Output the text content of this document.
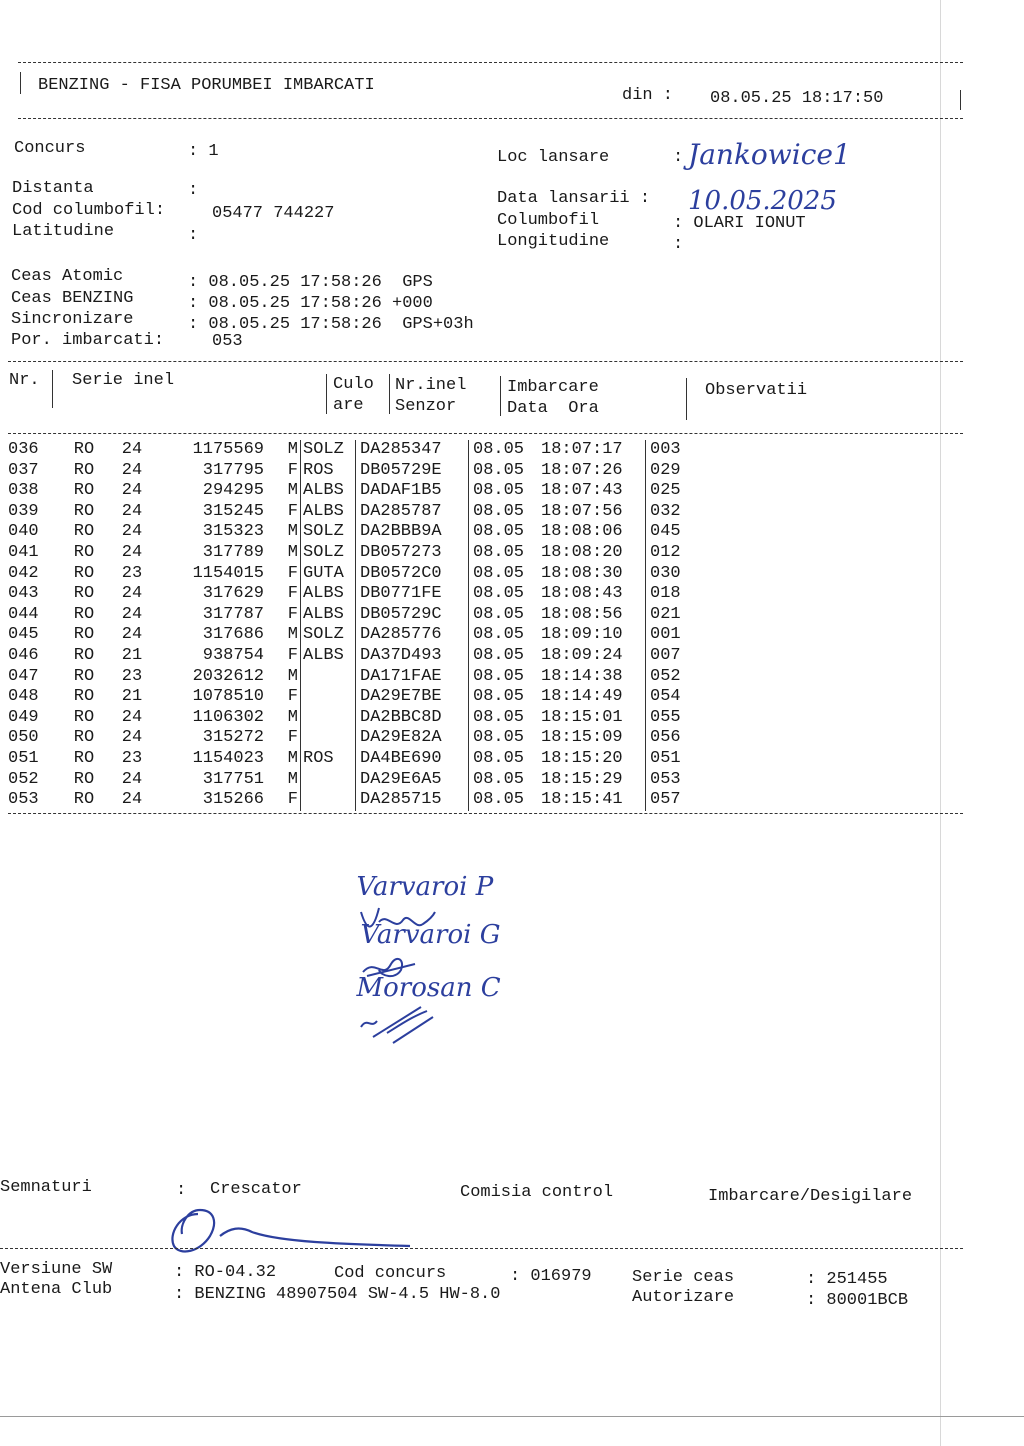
BENZING - FISA PORUMBEI IMBARCATI
din : 08.05.25 18:17:50
Concurs	: 1	Loc lansare	: Jankowice1
Distanta	:
Cod columbofil:	05477 744227
Latitudine	:
Data lansarii : 10.05.2025
Columbofil	: OLARI IONUT
Longitudine	:
Ceas Atomic	: 08.05.25 17:58:26  GPS
Ceas BENZING	: 08.05.25 17:58:26 +000
Sincronizare	: 08.05.25 17:58:26  GPS+03h
Por. imbarcati:	053
Nr. Serie inel	Culo
are
Nr.inel
Senzor
Imbarcare
Data  Ora
Observatii
036	RO	24	1175569	M	SOLZ	DA285347	08.05	18:07:17	003
037	RO	24	317795	F	ROS	DB05729E	08.05	18:07:26	029
038	RO	24	294295	M	ALBS	DADAF1B5	08.05	18:07:43	025
039	RO	24	315245	F	ALBS	DA285787	08.05	18:07:56	032
040	RO	24	315323	M	SOLZ	DA2BBB9A	08.05	18:08:06	045
041	RO	24	317789	M	SOLZ	DB057273	08.05	18:08:20	012
042	RO	23	1154015	F	GUTA	DB0572C0	08.05	18:08:30	030
043	RO	24	317629	F	ALBS	DB0771FE	08.05	18:08:43	018
044	RO	24	317787	F	ALBS	DB05729C	08.05	18:08:56	021
045	RO	24	317686	M	SOLZ	DA285776	08.05	18:09:10	001
046	RO	21	938754	F	ALBS	DA37D493	08.05	18:09:24	007
047	RO	23	2032612	M		DA171FAE	08.05	18:14:38	052
048	RO	21	1078510	F		DA29E7BE	08.05	18:14:49	054
049	RO	24	1106302	M		DA2BBC8D	08.05	18:15:01	055
050	RO	24	315272	F		DA29E82A	08.05	18:15:09	056
051	RO	23	1154023	M	ROS	DA4BE690	08.05	18:15:20	051
052	RO	24	317751	M		DA29E6A5	08.05	18:15:29	053
053	RO	24	315266	F		DA285715	08.05	18:15:41	057

Varvaroi P

Varvaroi G

Morosan C

Semnaturi	: Crescator	Comisia control	Imbarcare/Desigilare
Versiune SW	: RO-04.32	Cod concurs	: 016979 Serie ceas	: 251455
Antena Club	: BENZING 48907504 SW-4.5 HW-8.0	Autorizare	: 80001BCB
